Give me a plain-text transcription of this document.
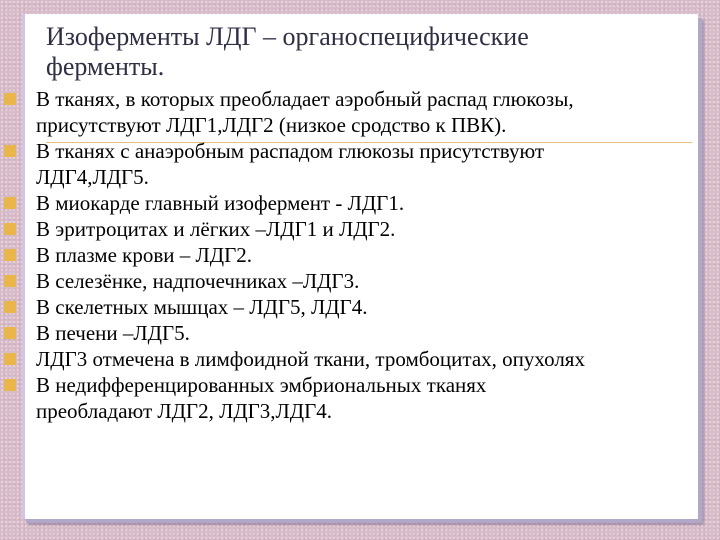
Изоферменты ЛДГ – органоспецифические
ферменты.
В тканях, в которых преобладает аэробный распад глюкозы,
присутствуют ЛДГ1,ЛДГ2 (низкое сродство к ПВК).
В тканях с анаэробным распадом глюкозы присутствуют
ЛДГ4,ЛДГ5.
В миокарде главный изофермент - ЛДГ1.
В эритроцитах и лёгких –ЛДГ1 и ЛДГ2.
В плазме крови – ЛДГ2.
В селезёнке, надпочечниках –ЛДГ3.
В скелетных мышцах – ЛДГ5, ЛДГ4.
В печени –ЛДГ5.
ЛДГ3 отмечена в лимфоидной ткани, тромбоцитах, опухолях
В недифференцированных эмбриональных тканях
преобладают ЛДГ2, ЛДГ3,ЛДГ4.
